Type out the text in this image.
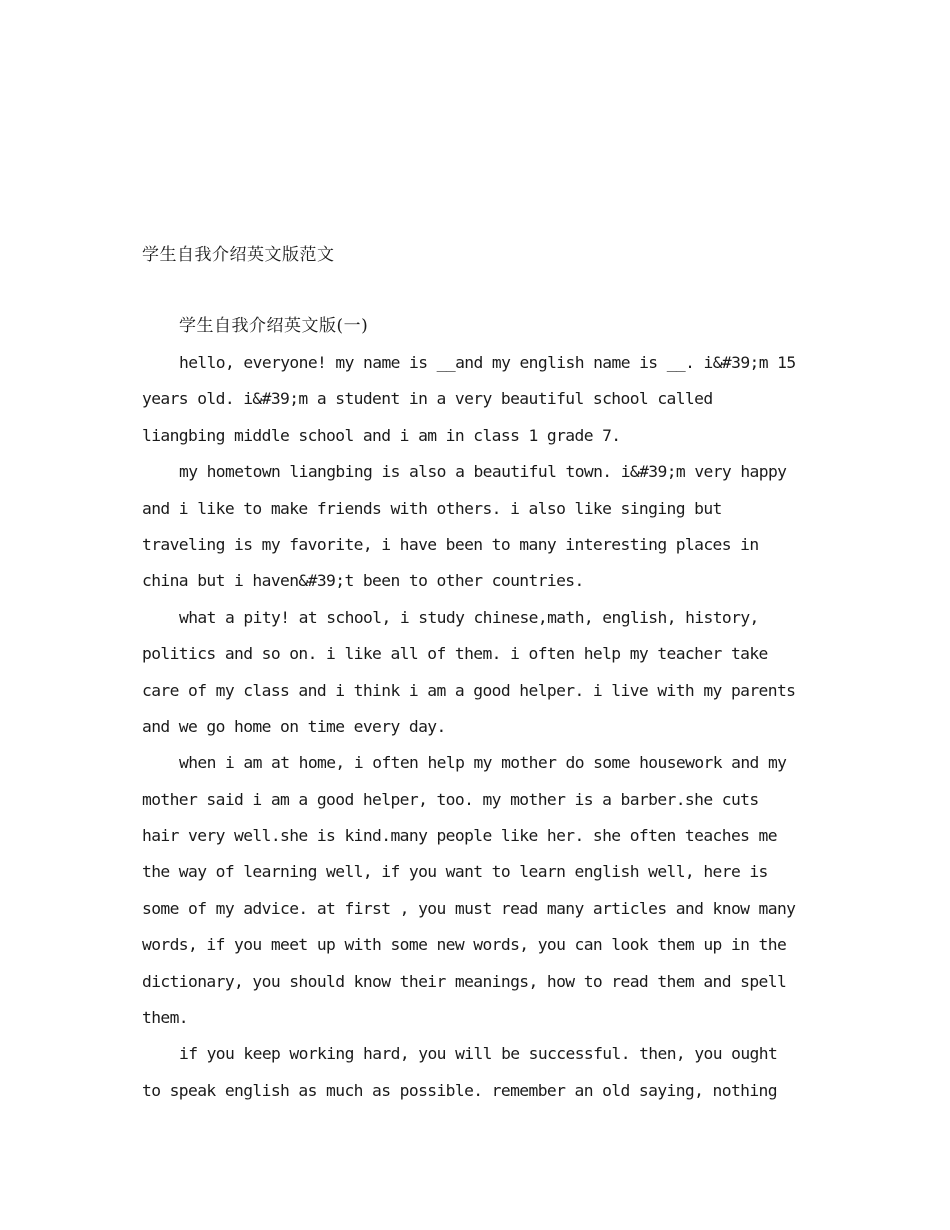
学生自我介绍英文版范文
学生自我介绍英文版(一)
hello, everyone! my name is __and my english name is __. i&#39;m 15
years old. i&#39;m a student in a very beautiful school called
liangbing middle school and i am in class 1 grade 7.
my hometown liangbing is also a beautiful town. i&#39;m very happy
and i like to make friends with others. i also like singing but
traveling is my favorite, i have been to many interesting places in
china but i haven&#39;t been to other countries.
what a pity! at school, i study chinese,math, english, history,
politics and so on. i like all of them. i often help my teacher take
care of my class and i think i am a good helper. i live with my parents
and we go home on time every day.
when i am at home, i often help my mother do some housework and my
mother said i am a good helper, too. my mother is a barber.she cuts
hair very well.she is kind.many people like her. she often teaches me
the way of learning well, if you want to learn english well, here is
some of my advice. at first , you must read many articles and know many
words, if you meet up with some new words, you can look them up in the
dictionary, you should know their meanings, how to read them and spell
them.
if you keep working hard, you will be successful. then, you ought
to speak english as much as possible. remember an old saying, nothing
